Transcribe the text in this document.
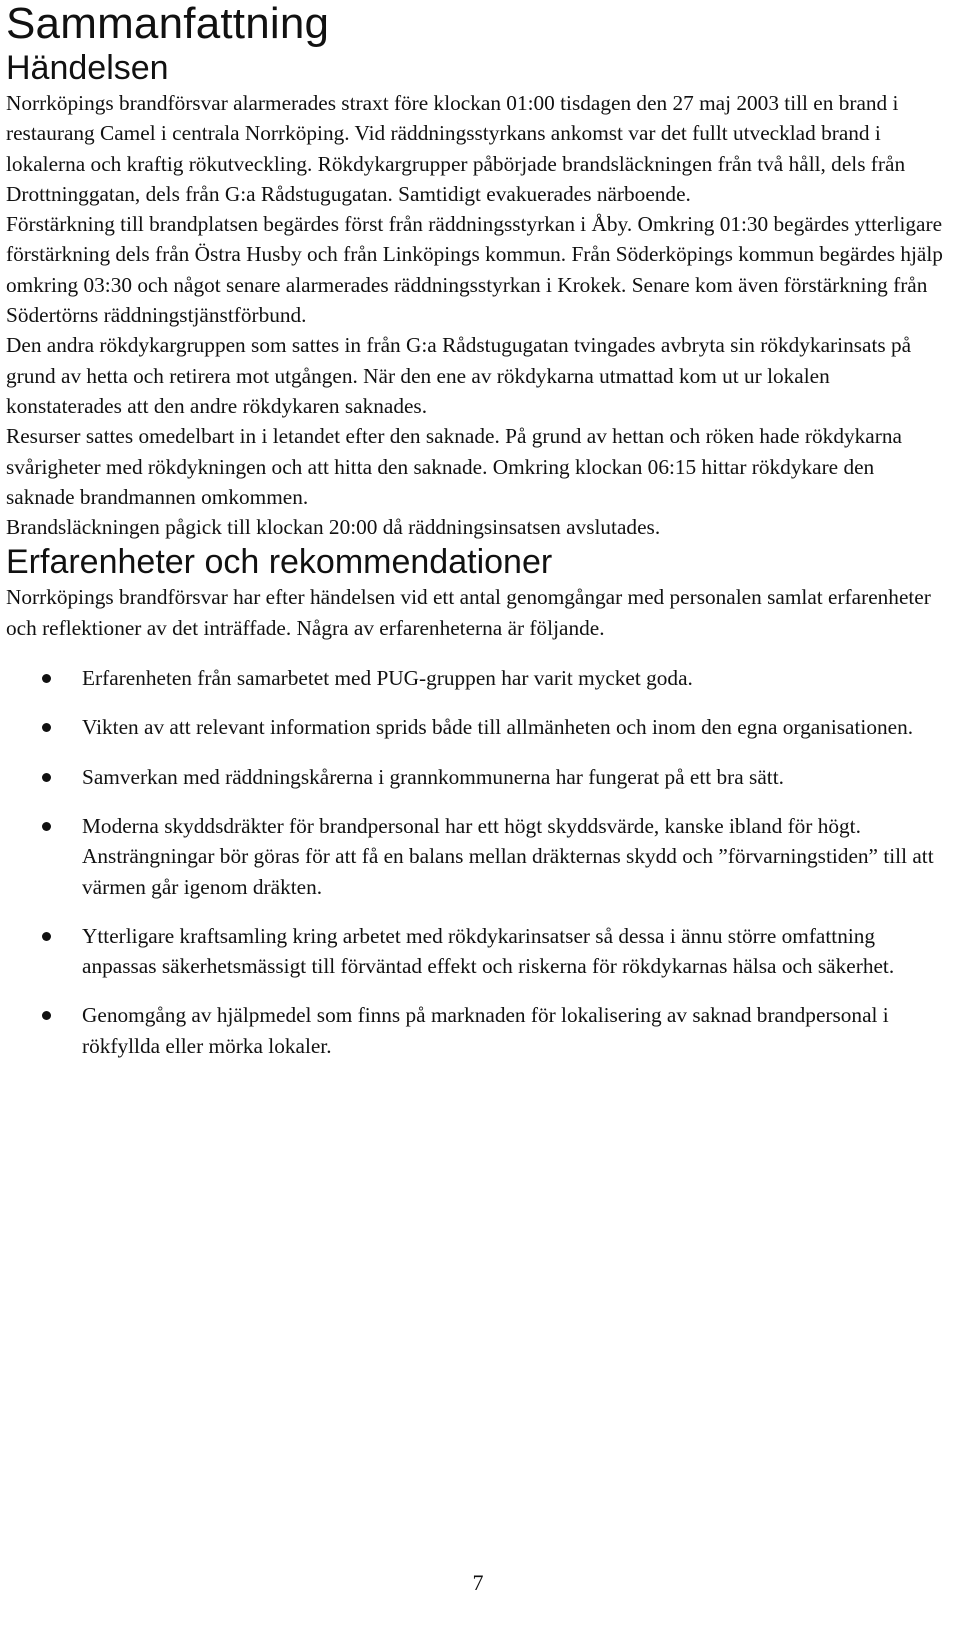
Sammanfattning
Händelsen

Norrköpings brandförsvar alarmerades straxt före klockan 01:00 tisdagen den 27 maj 2003 till en brand i restaurang Camel i centrala Norrköping. Vid räddningsstyrkans ankomst var det fullt utvecklad brand i lokalerna och kraftig rökutveckling. Rökdykargrupper påbörjade brandsläckningen från två håll, dels från Drottninggatan, dels från G:a Rådstugugatan. Samtidigt evakuerades närboende.

Förstärkning till brandplatsen begärdes först från räddningsstyrkan i Åby. Omkring 01:30 begärdes ytterligare förstärkning dels från Östra Husby och från Linköpings kommun. Från Söderköpings kommun begärdes hjälp omkring 03:30 och något senare alarmerades räddningsstyrkan i Krokek. Senare kom även förstärkning från Södertörns räddningstjänstförbund.

Den andra rökdykargruppen som sattes in från G:a Rådstugugatan tvingades avbryta sin rökdykarinsats på grund av hetta och retirera mot utgången. När den ene av rökdykarna utmattad kom ut ur lokalen konstaterades att den andre rökdykaren saknades.

Resurser sattes omedelbart in i letandet efter den saknade. På grund av hettan och röken hade rökdykarna svårigheter med rökdykningen och att hitta den saknade. Omkring klockan 06:15 hittar rökdykare den saknade brandmannen omkommen.

Brandsläckningen pågick till klockan 20:00 då räddningsinsatsen avslutades.

Erfarenheter och rekommendationer

Norrköpings brandförsvar har efter händelsen vid ett antal genomgångar med personalen samlat erfarenheter och reflektioner av det inträffade. Några av erfarenheterna är följande.

Erfarenheten från samarbetet med PUG-gruppen har varit mycket goda.
Vikten av att relevant information sprids både till allmänheten och inom den egna organisationen.
Samverkan med räddningskårerna i grannkommunerna har fungerat på ett bra sätt.
Moderna skyddsdräkter för brandpersonal har ett högt skyddsvärde, kanske ibland för högt. Ansträngningar bör göras för att få en balans mellan dräkternas skydd och ”förvarningstiden” till att värmen går igenom dräkten.
Ytterligare kraftsamling kring arbetet med rökdykarinsatser så dessa i ännu större omfattning anpassas säkerhetsmässigt till förväntad effekt och riskerna för rökdykarnas hälsa och säkerhet.
Genomgång av hjälpmedel som finns på marknaden för lokalisering av saknad brandpersonal i rökfyllda eller mörka lokaler.
7
